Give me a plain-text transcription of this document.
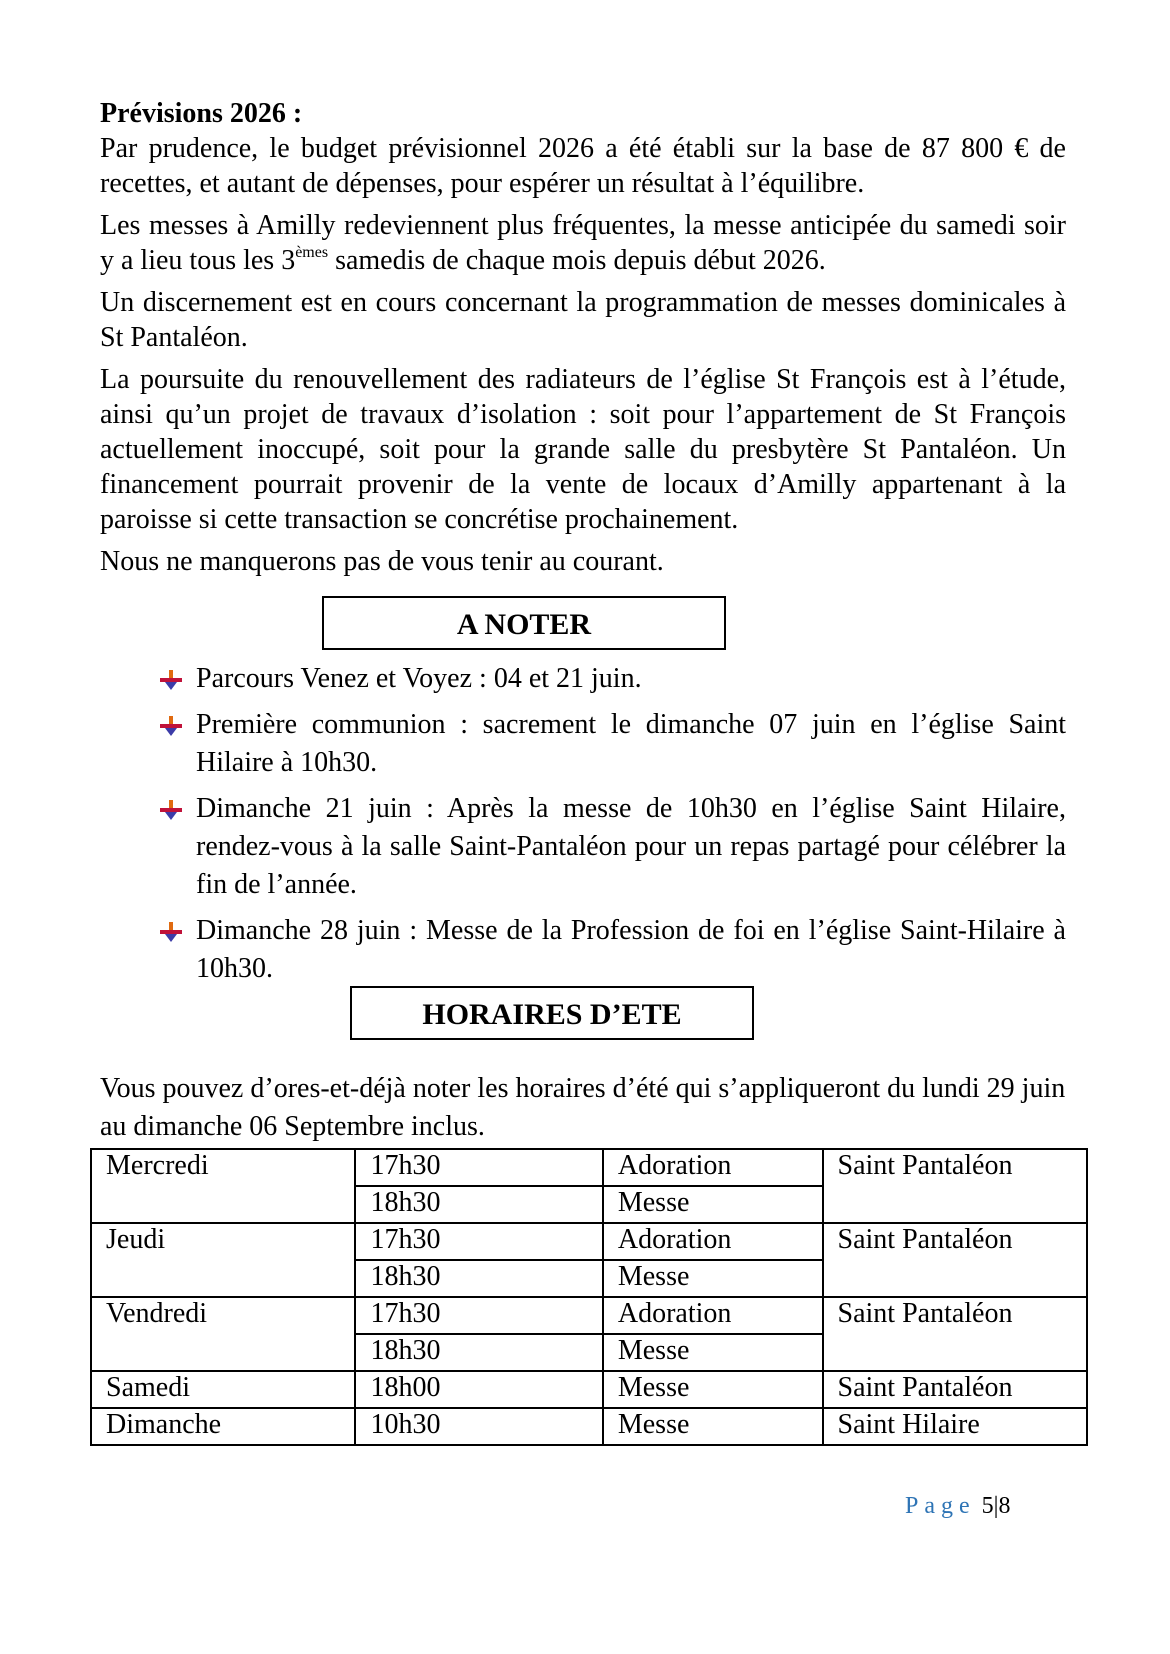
Prévisions 2026 :

Par prudence, le budget prévisionnel 2026 a été établi sur la base de 87 800 € de recettes, et autant de dépenses, pour espérer un résultat à l’équilibre.

Les messes à Amilly redeviennent plus fréquentes, la messe anticipée du samedi soir y a lieu tous les 3èmes samedis de chaque mois depuis début 2026.

Un discernement est en cours concernant la programmation de messes dominicales à St Pantaléon.

La poursuite du renouvellement des radiateurs de l’église St François est à l’étude, ainsi qu’un projet de travaux d’isolation : soit pour l’appartement de St François actuellement inoccupé, soit pour la grande salle du presbytère St Pantaléon. Un financement pourrait provenir de la vente de locaux d’Amilly appartenant à la paroisse si cette transaction se concrétise prochainement.

Nous ne manquerons pas de vous tenir au courant.

A NOTER
Parcours Venez et Voyez : 04 et 21 juin.
Première communion : sacrement le dimanche 07 juin en l’église Saint Hilaire à 10h30.
Dimanche 21 juin : Après la messe de 10h30 en l’église Saint Hilaire, rendez-vous à la salle Saint-Pantaléon pour un repas partagé pour célébrer la fin de l’année.
Dimanche 28 juin : Messe de la Profession de foi en l’église Saint-Hilaire à 10h30.
HORAIRES D’ETE
Vous pouvez d’ores-et-déjà noter les horaires d’été qui s’appliqueront du lundi 29 juin au dimanche 06 Septembre inclus.
Mercredi	17h30	Adoration	Saint Pantaléon
	18h30	Messe	
Jeudi	17h30	Adoration	Saint Pantaléon
	18h30	Messe	
Vendredi	17h30	Adoration	Saint Pantaléon
	18h30	Messe	
Samedi	18h00	Messe	Saint Pantaléon
Dimanche	10h30	Messe	Saint Hilaire
Page 5|8
